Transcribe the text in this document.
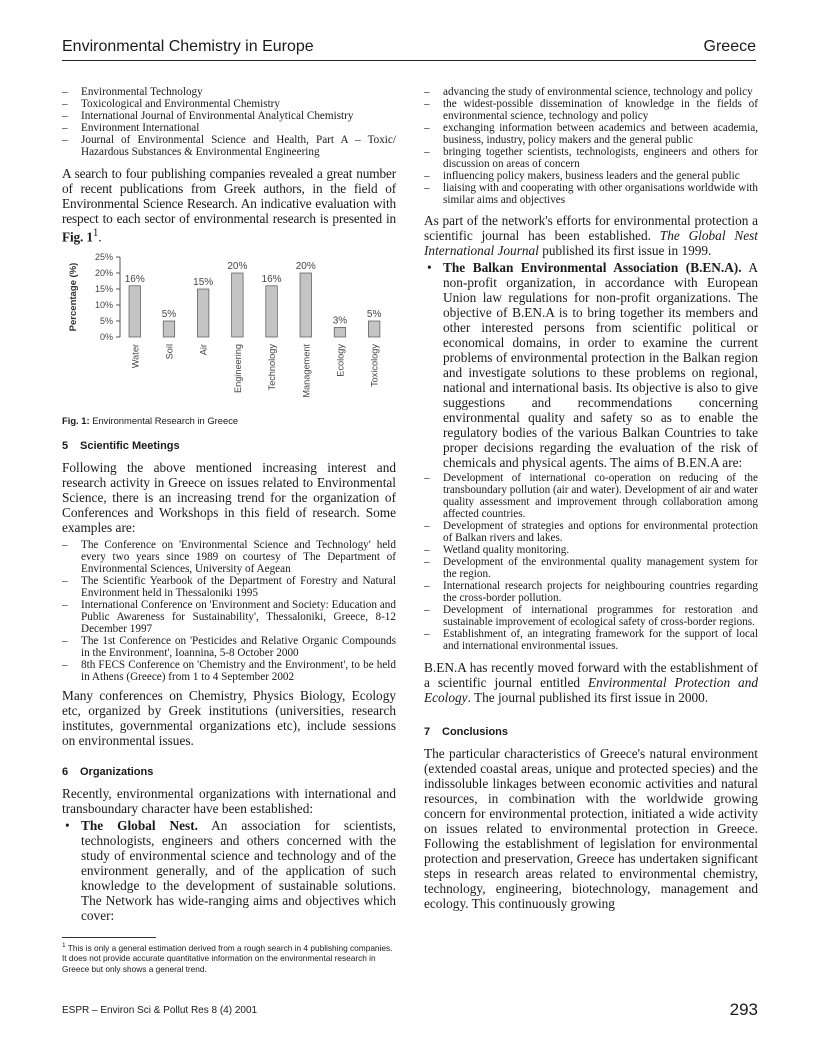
Environmental Chemistry in Europe	Greece
– Environmental Technology
– Toxicological and Environmental Chemistry
– International Journal of Environmental Analytical Chemistry
– Environment International
– Journal of Environmental Science and Health, Part A – Toxic/ Hazardous Substances & Environmental Engineering

A search to four publishing companies revealed a great number of recent publications from Greek authors, in the field of Environmental Science Research. An indicative evaluation with respect to each sector of environmental research is presented in Fig. $1^1$.

Percentage (%)
0%
5%
10%
15%
20%
25%
16%
Water
5%
Soil
15%
Air
20%
Engineering
16%
Technology
20%
Management
3%
Ecology
5%
Toxicology
Fig. 1: Environmental Research in Greece
5 Scientific Meetings

Following the above mentioned increasing interest and research activity in Greece on issues related to Environmental Science, there is an increasing trend for the organization of Conferences and Workshops in this field of research. Some examples are:

– The Conference on 'Environmental Science and Technology' held every two years since 1989 on courtesy of The Department of Environmental Sciences, University of Aegean
– The Scientific Yearbook of the Department of Forestry and Natural Environment held in Thessaloniki 1995
– International Conference on 'Environment and Society: Education and Public Awareness for Sustainability', Thessaloniki, Greece, 8-12 December 1997
– The 1st Conference on 'Pesticides and Relative Organic Compounds in the Environment', Ioannina, 5-8 October 2000
– 8th FECS Conference on 'Chemistry and the Environment', to be held in Athens (Greece) from 1 to 4 September 2002

Many conferences on Chemistry, Physics Biology, Ecology etc, organized by Greek institutions (universities, research institutes, governmental organizations etc), include sessions on environmental issues.

6 Organizations

Recently, environmental organizations with international and transboundary character have been established:

• The Global Nest. An association for scientists, technologists, engineers and others concerned with the study of environmental science and technology and of the environment generally, and of the application of such knowledge to the development of sustainable solutions. The Network has wide-ranging aims and objectives which cover:
$^1$ This is only a general estimation derived from a rough search in 4 publishing companies. It does not provide accurate quantitative information on the environmental research in Greece but only shows a general trend.
– advancing the study of environmental science, technology and policy
– the widest-possible dissemination of knowledge in the fields of environmental science, technology and policy
– exchanging information between academics and between academia, business, industry, policy makers and the general public
– bringing together scientists, technologists, engineers and others for discussion on areas of concern
– influencing policy makers, business leaders and the general public
– liaising with and cooperating with other organisations worldwide with similar aims and objectives

As part of the network's efforts for environmental protection a scientific journal has been established. The Global Nest International Journal published its first issue in 1999.

• The Balkan Environmental Association (B.EN.A). A non-profit organization, in accordance with European Union law regulations for non-profit organizations. The objective of B.EN.A is to bring together its members and other interested persons from scientific political or economical domains, in order to examine the current problems of environmental protection in the Balkan region and investigate solutions to these problems on regional, national and international basis. Its objective is also to give suggestions and recommendations concerning environmental quality and safety so as to enable the regulatory bodies of the various Balkan Countries to take proper decisions regarding the evaluation of the risk of chemicals and physical agents. The aims of B.EN.A are:
– Development of international co-operation on reducing of the transboundary pollution (air and water). Development of air and water quality assessment and improvement through collaboration among affected countries.
– Development of strategies and options for environmental protection of Balkan rivers and lakes.
– Wetland quality monitoring.
– Development of the environmental quality management system for the region.
– International research projects for neighbouring countries regarding the cross-border pollution.
– Development of international programmes for restoration and sustainable improvement of ecological safety of cross-border regions.
– Establishment of, an integrating framework for the support of local and international environmental issues.

B.EN.A has recently moved forward with the establishment of a scientific journal entitled Environmental Protection and Ecology. The journal published its first issue in 2000.

7 Conclusions

The particular characteristics of Greece's natural environment (extended coastal areas, unique and protected species) and the indissoluble linkages between economic activities and natural resources, in combination with the worldwide growing concern for environmental protection, initiated a wide activity on issues related to environmental protection in Greece. Following the establishment of legislation for environmental protection and preservation, Greece has undertaken significant steps in research areas related to environmental chemistry, technology, engineering, biotechnology, management and ecology. This continuously growing

ESPR – Environ Sci & Pollut Res 8 (4) 2001	293
